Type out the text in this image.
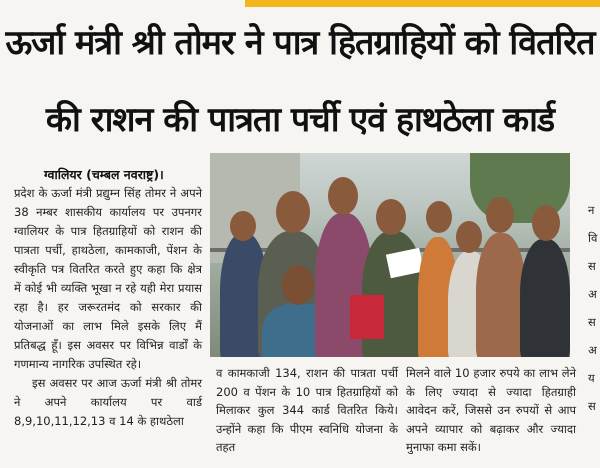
ऊर्जा मंत्री श्री तोमर ने पात्र हितग्राहियों को वितरित
की राशन की पात्रता पर्ची एवं हाथठेला कार्ड
ग्वालियर (चम्बल नवराष्ट्र)।

प्रदेश के ऊर्जा मंत्री प्रद्युम्न सिंह तोमर ने अपने 38 नम्बर शासकीय कार्यालय पर उपनगर ग्वालियर के पात्र हितग्राहियों को राशन की पात्रता पर्ची, हाथठेला, कामकाजी, पेंशन के स्वीकृति पत्र वितरित करते हुए कहा कि क्षेत्र में कोई भी व्यक्ति भूखा न रहे यही मेरा प्रयास रहा है। हर जरूरतमंद को सरकार की योजनाओं का लाभ मिले इसके लिए मैं प्रतिबद्ध हूँ। इस अवसर पर विभिन्न वार्डों के गणमान्य नागरिक उपस्थित रहे।

इस अवसर पर आज ऊर्जा मंत्री श्री तोमर ने अपने कार्यालय पर वार्ड 8,9,10,11,12,13 व 14 के हाथठेला

न वि स अ स अ य स
व कामकाजी 134, राशन की पात्रता पर्ची 200 व पेंशन के 10 पात्र हितग्राहियों को मिलाकर कुल 344 कार्ड वितरित किये। उन्होंने कहा कि पीएम स्वनिधि योजना के तहत
मिलने वाले 10 हजार रुपये का लाभ लेने के लिए ज्यादा से ज्यादा हितग्राही आवेदन करें, जिससे उन रुपयों से आप अपने व्यापार को बढ़ाकर और ज्यादा मुनाफा कमा सकें।
